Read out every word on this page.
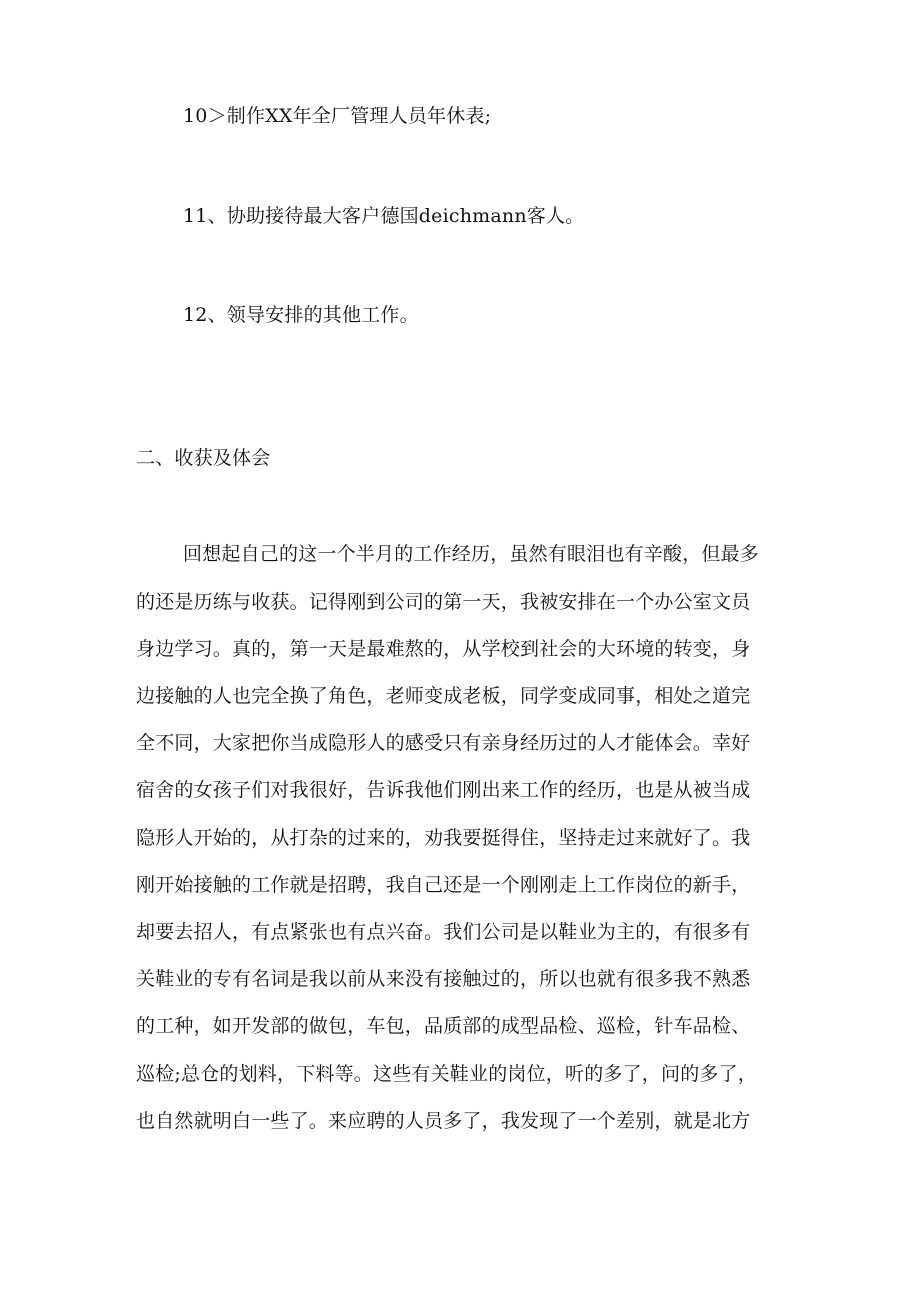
10＞制作XX年全厂管理人员年休表;
11、协助接待最大客户德国deichmann客人。
12、领导安排的其他工作。
二、收获及体会
回想起自己的这一个半月的工作经历，虽然有眼泪也有辛酸，但最多
的还是历练与收获。记得刚到公司的第一天，我被安排在一个办公室文员
身边学习。真的，第一天是最难熬的，从学校到社会的大环境的转变，身
边接触的人也完全换了角色，老师变成老板，同学变成同事，相处之道完
全不同，大家把你当成隐形人的感受只有亲身经历过的人才能体会。幸好
宿舍的女孩子们对我很好，告诉我他们刚出来工作的经历，也是从被当成
隐形人开始的，从打杂的过来的，劝我要挺得住，坚持走过来就好了。我
刚开始接触的工作就是招聘，我自己还是一个刚刚走上工作岗位的新手，
却要去招人，有点紧张也有点兴奋。我们公司是以鞋业为主的，有很多有
关鞋业的专有名词是我以前从来没有接触过的，所以也就有很多我不熟悉
的工种，如开发部的做包，车包，品质部的成型品检、巡检，针车品检、
巡检;总仓的划料，下料等。这些有关鞋业的岗位，听的多了，问的多了，
也自然就明白一些了。来应聘的人员多了，我发现了一个差别，就是北方
